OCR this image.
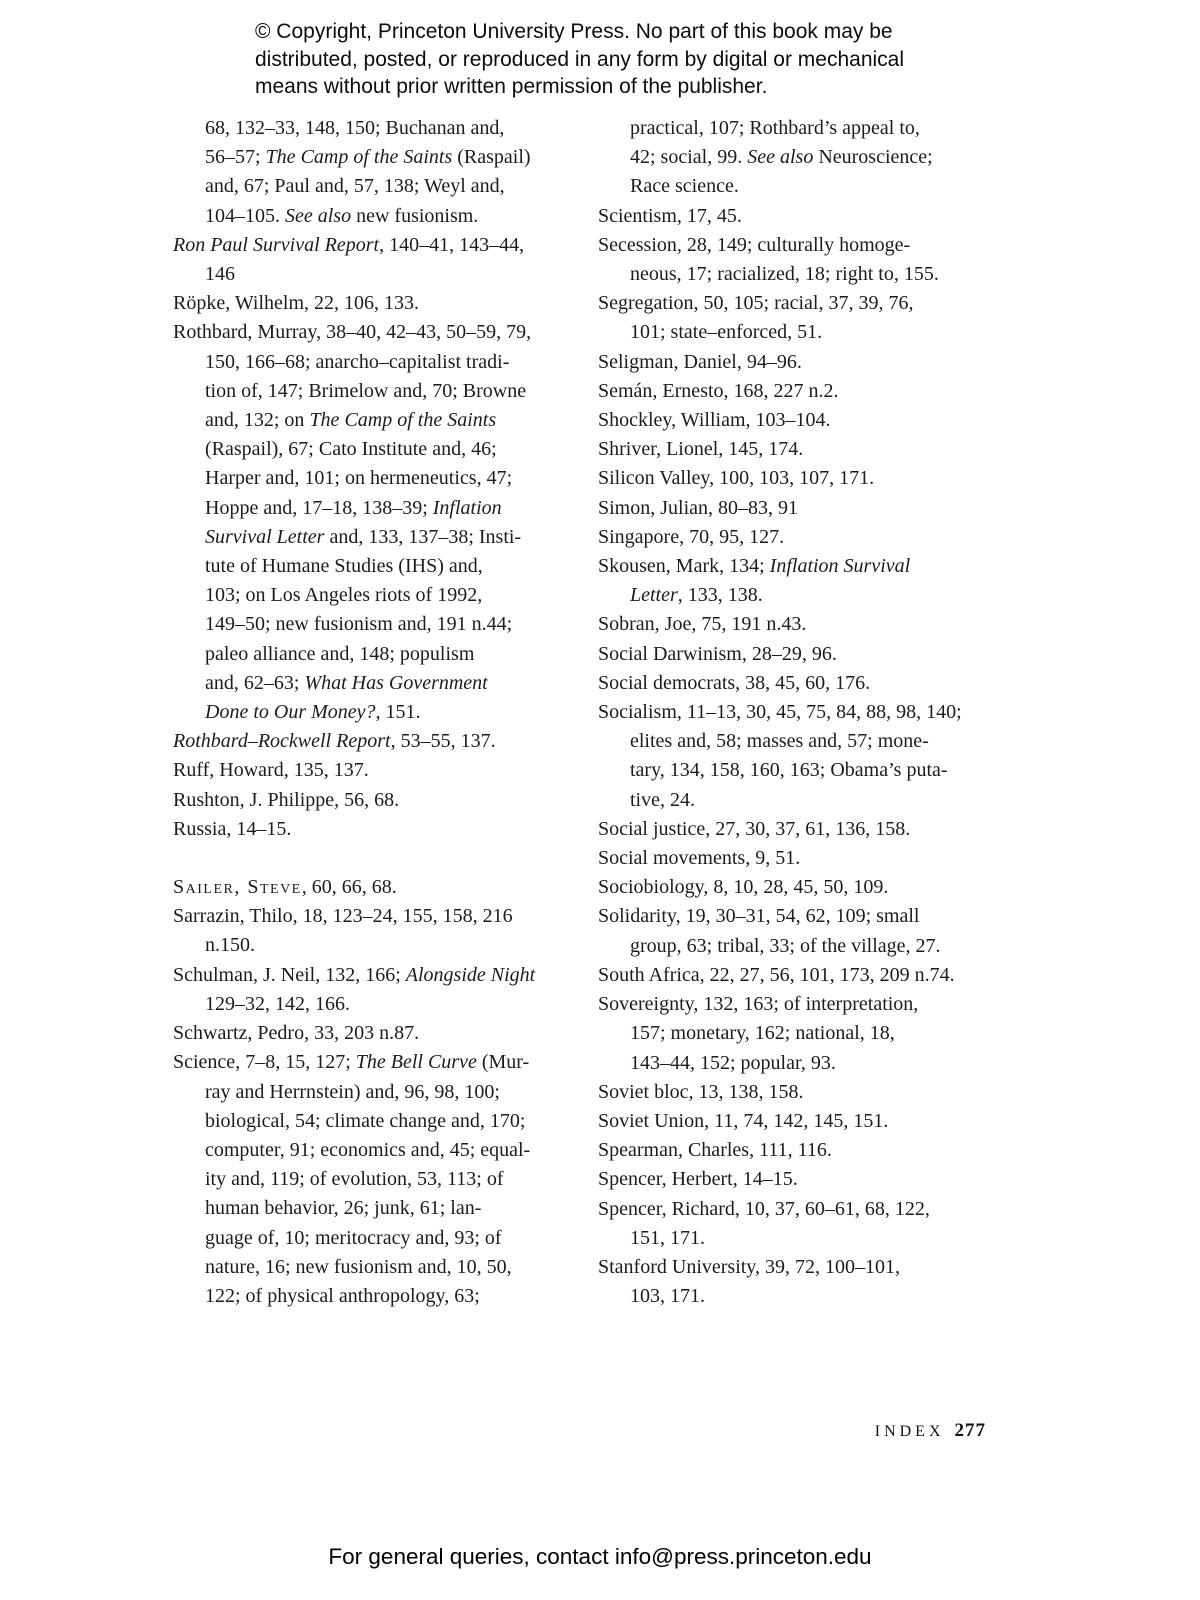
© Copyright, Princeton University Press. No part of this book may be
distributed, posted, or reproduced in any form by digital or mechanical
means without prior written permission of the publisher.
68, 132–33, 148, 150; Buchanan and,
56–57; The Camp of the Saints (Raspail)
and, 67; Paul and, 57, 138; Weyl and,
104–105. See also new fusionism.
Ron Paul Survival Report, 140–41, 143–44,
146
Röpke, Wilhelm, 22, 106, 133.
Rothbard, Murray, 38–40, 42–43, 50–59, 79,
150, 166–68; anarcho–capitalist tradi-
tion of, 147; Brimelow and, 70; Browne
and, 132; on The Camp of the Saints
(Raspail), 67; Cato Institute and, 46;
Harper and, 101; on hermeneutics, 47;
Hoppe and, 17–18, 138–39; Inflation
Survival Letter and, 133, 137–38; Insti-
tute of Humane Studies (IHS) and,
103; on Los Angeles riots of 1992,
149–50; new fusionism and, 191 n.44;
paleo alliance and, 148; populism
and, 62–63; What Has Government
Done to Our Money?, 151.
Rothbard–Rockwell Report, 53–55, 137.
Ruff, Howard, 135, 137.
Rushton, J. Philippe, 56, 68.
Russia, 14–15.
Sailer, Steve, 60, 66, 68.
Sarrazin, Thilo, 18, 123–24, 155, 158, 216
n.150.
Schulman, J. Neil, 132, 166; Alongside Night
129–32, 142, 166.
Schwartz, Pedro, 33, 203 n.87.
Science, 7–8, 15, 127; The Bell Curve (Mur-
ray and Herrnstein) and, 96, 98, 100;
biological, 54; climate change and, 170;
computer, 91; economics and, 45; equal-
ity and, 119; of evolution, 53, 113; of
human behavior, 26; junk, 61; lan-
guage of, 10; meritocracy and, 93; of
nature, 16; new fusionism and, 10, 50,
122; of physical anthropology, 63;
practical, 107; Rothbard’s appeal to,
42; social, 99. See also Neuroscience;
Race science.
Scientism, 17, 45.
Secession, 28, 149; culturally homoge-
neous, 17; racialized, 18; right to, 155.
Segregation, 50, 105; racial, 37, 39, 76,
101; state–enforced, 51.
Seligman, Daniel, 94–96.
Semán, Ernesto, 168, 227 n.2.
Shockley, William, 103–104.
Shriver, Lionel, 145, 174.
Silicon Valley, 100, 103, 107, 171.
Simon, Julian, 80–83, 91
Singapore, 70, 95, 127.
Skousen, Mark, 134; Inflation Survival
Letter, 133, 138.
Sobran, Joe, 75, 191 n.43.
Social Darwinism, 28–29, 96.
Social democrats, 38, 45, 60, 176.
Socialism, 11–13, 30, 45, 75, 84, 88, 98, 140;
elites and, 58; masses and, 57; mone-
tary, 134, 158, 160, 163; Obama’s puta-
tive, 24.
Social justice, 27, 30, 37, 61, 136, 158.
Social movements, 9, 51.
Sociobiology, 8, 10, 28, 45, 50, 109.
Solidarity, 19, 30–31, 54, 62, 109; small
group, 63; tribal, 33; of the village, 27.
South Africa, 22, 27, 56, 101, 173, 209 n.74.
Sovereignty, 132, 163; of interpretation,
157; monetary, 162; national, 18,
143–44, 152; popular, 93.
Soviet bloc, 13, 138, 158.
Soviet Union, 11, 74, 142, 145, 151.
Spearman, Charles, 111, 116.
Spencer, Herbert, 14–15.
Spencer, Richard, 10, 37, 60–61, 68, 122,
151, 171.
Stanford University, 39, 72, 100–101,
103, 171.
INDEX 277
For general queries, contact info@press.princeton.edu
